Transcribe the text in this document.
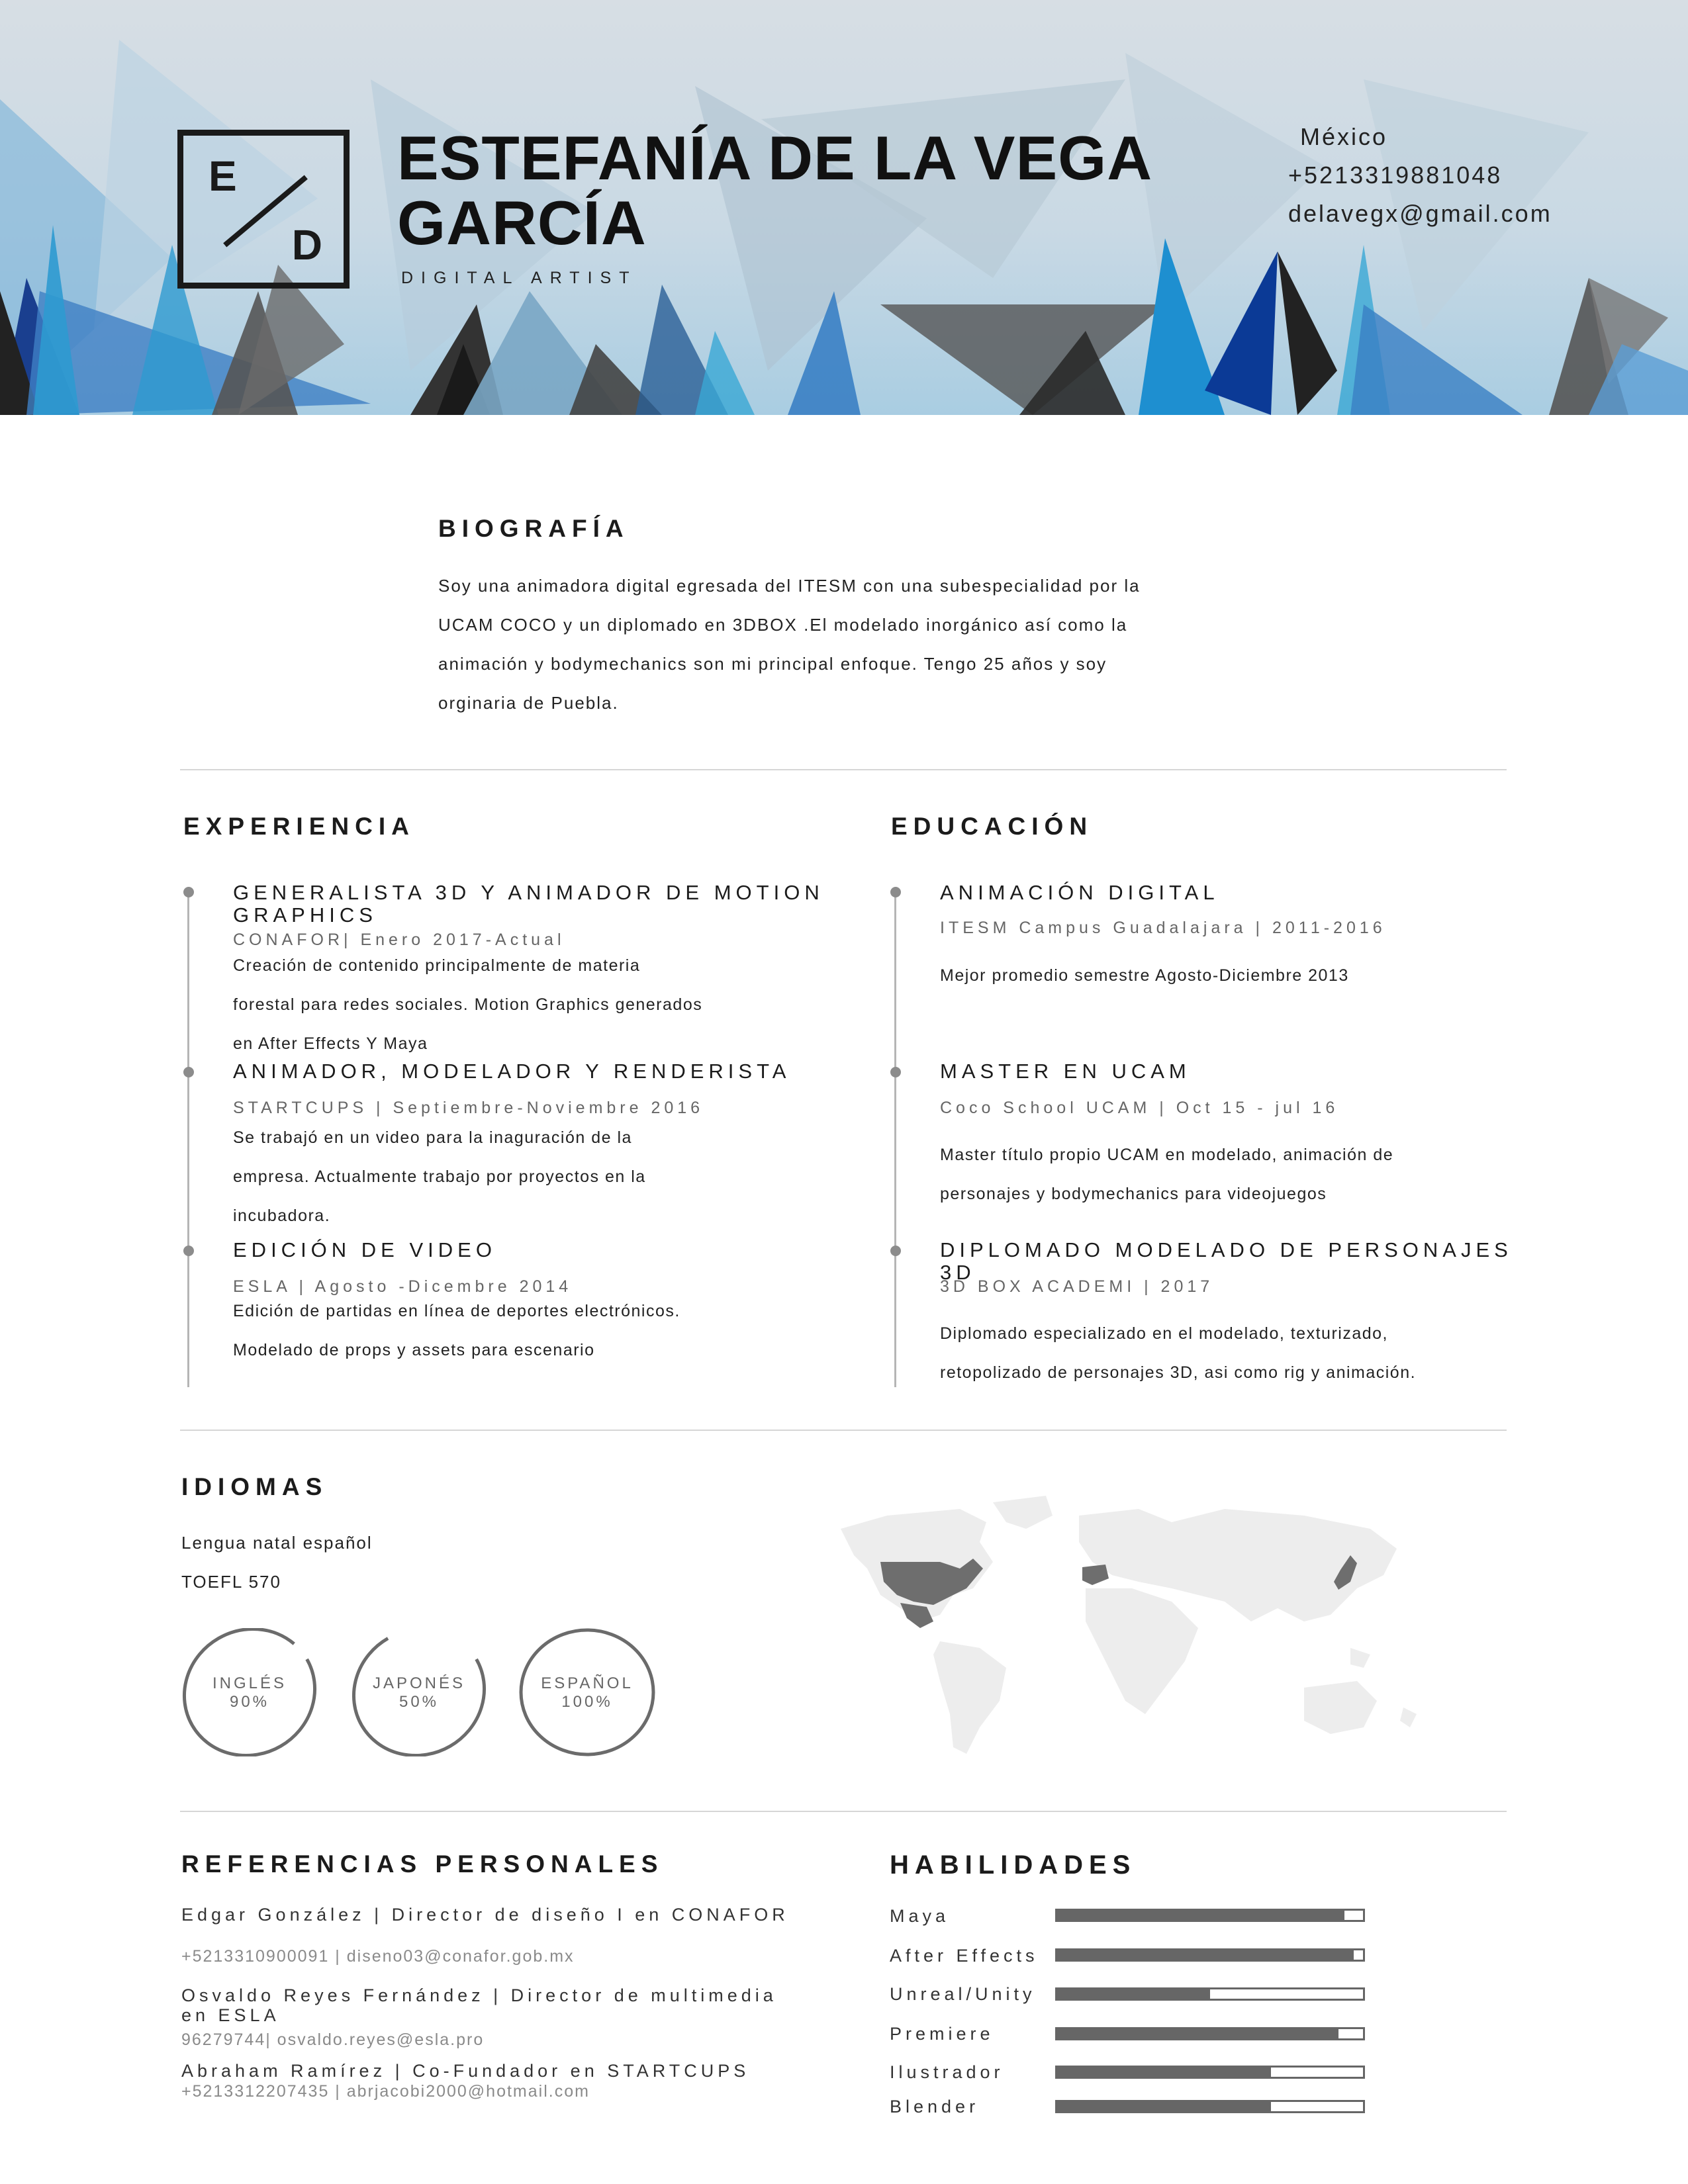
E
D
ESTEFANÍA DE LA VEGA
GARCÍA
DIGITAL ARTIST
México
+5213319881048
delavegx@gmail.com
BIOGRAFÍA
Soy una animadora digital egresada del ITESM con una subespecialidad por la
UCAM COCO y un diplomado en 3DBOX .El modelado inorgánico así como la
animación y bodymechanics son mi principal enfoque. Tengo 25 años y soy
orginaria de Puebla.
EXPERIENCIA
GENERALISTA 3D Y ANIMADOR DE MOTION
GRAPHICS
CONAFOR| Enero 2017-Actual
Creación de contenido principalmente de materia
forestal para redes sociales. Motion Graphics generados
en After Effects Y Maya
ANIMADOR, MODELADOR Y RENDERISTA
STARTCUPS | Septiembre-Noviembre 2016
Se trabajó en un video para la inaguración de la
empresa. Actualmente trabajo por proyectos en la
incubadora.
EDICIÓN DE VIDEO
ESLA | Agosto -Dicembre 2014
Edición de partidas en línea de deportes electrónicos.
Modelado de props y assets para escenario
EDUCACIÓN
ANIMACIÓN DIGITAL
ITESM Campus Guadalajara | 2011-2016
Mejor promedio semestre Agosto-Diciembre 2013
MASTER EN UCAM
Coco School UCAM | Oct 15 - jul 16
Master título propio UCAM en modelado, animación de
personajes y bodymechanics para videojuegos
DIPLOMADO MODELADO DE PERSONAJES 3D
3D BOX ACADEMI | 2017
Diplomado especializado en el modelado, texturizado,
retopolizado de personajes 3D, asi como rig y animación.
IDIOMAS
Lengua natal español
TOEFL 570
INGLÉS
90%
JAPONÉS
50%
ESPAÑOL
100%
REFERENCIAS PERSONALES
Edgar González | Director de diseño I en CONAFOR
+5213310900091 | diseno03@conafor.gob.mx
Osvaldo Reyes Fernández | Director de multimedia
en ESLA
96279744| osvaldo.reyes@esla.pro
Abraham Ramírez | Co-Fundador en STARTCUPS
+5213312207435 | abrjacobi2000@hotmail.com
HABILIDADES
Maya
After Effects
Unreal/Unity
Premiere
Ilustrador
Blender
